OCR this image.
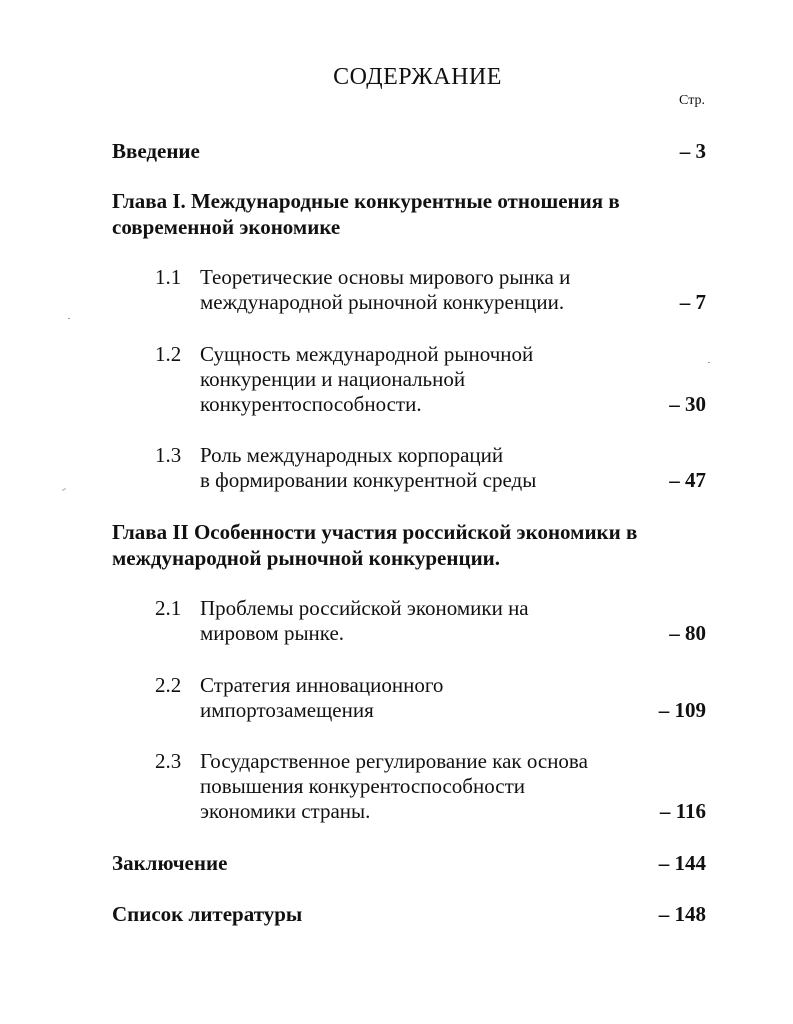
СОДЕРЖАНИЕ
Стр.
Введение	– 3
Глава I. Международные конкурентные отношения в
современной экономике
1.1 Теоретические основы мирового рынка и
международной рыночной конкуренции.	– 7
1.2 Сущность международной рыночной
конкуренции и национальной
конкурентоспособности.	– 30
1.3 Роль международных корпораций
в формировании конкурентной среды	– 47
Глава II Особенности участия российской экономики в
международной рыночной конкуренции.
2.1 Проблемы российской экономики на
мировом рынке.	– 80
2.2 Стратегия инновационного
импортозамещения	– 109
2.3 Государственное регулирование как основа
повышения конкурентоспособности
экономики страны.	– 116
Заключение	– 144
Список литературы	– 148
